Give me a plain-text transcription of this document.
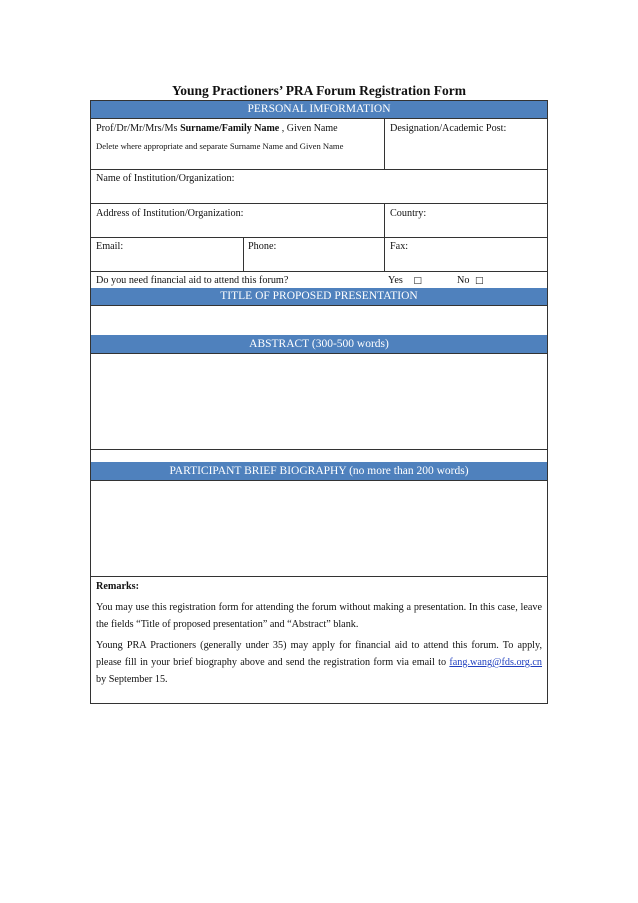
Young Practioners’ PRA Forum Registration Form
PERSONAL IMFORMATION
Prof/Dr/Mr/Mrs/Ms Surname/Family Name , Given Name
Delete where appropriate and separate Surname Name and Given Name
Designation/Academic Post:
Name of Institution/Organization:
Address of Institution/Organization:	Country:
Email:	Phone:	Fax:
Do you need financial aid to attend this forum?	Yes □	No □
TITLE OF PROPOSED PRESENTATION
ABSTRACT (300-500 words)
PARTICIPANT BRIEF BIOGRAPHY (no more than 200 words)

Remarks:

You may use this registration form for attending the forum without making a presentation. In this case, leave the fields “Title of proposed presentation” and “Abstract” blank.

Young PRA Practioners (generally under 35) may apply for financial aid to attend this forum. To apply, please fill in your brief biography above and send the registration form via email to fang.wang@fds.org.cn by September 15.
